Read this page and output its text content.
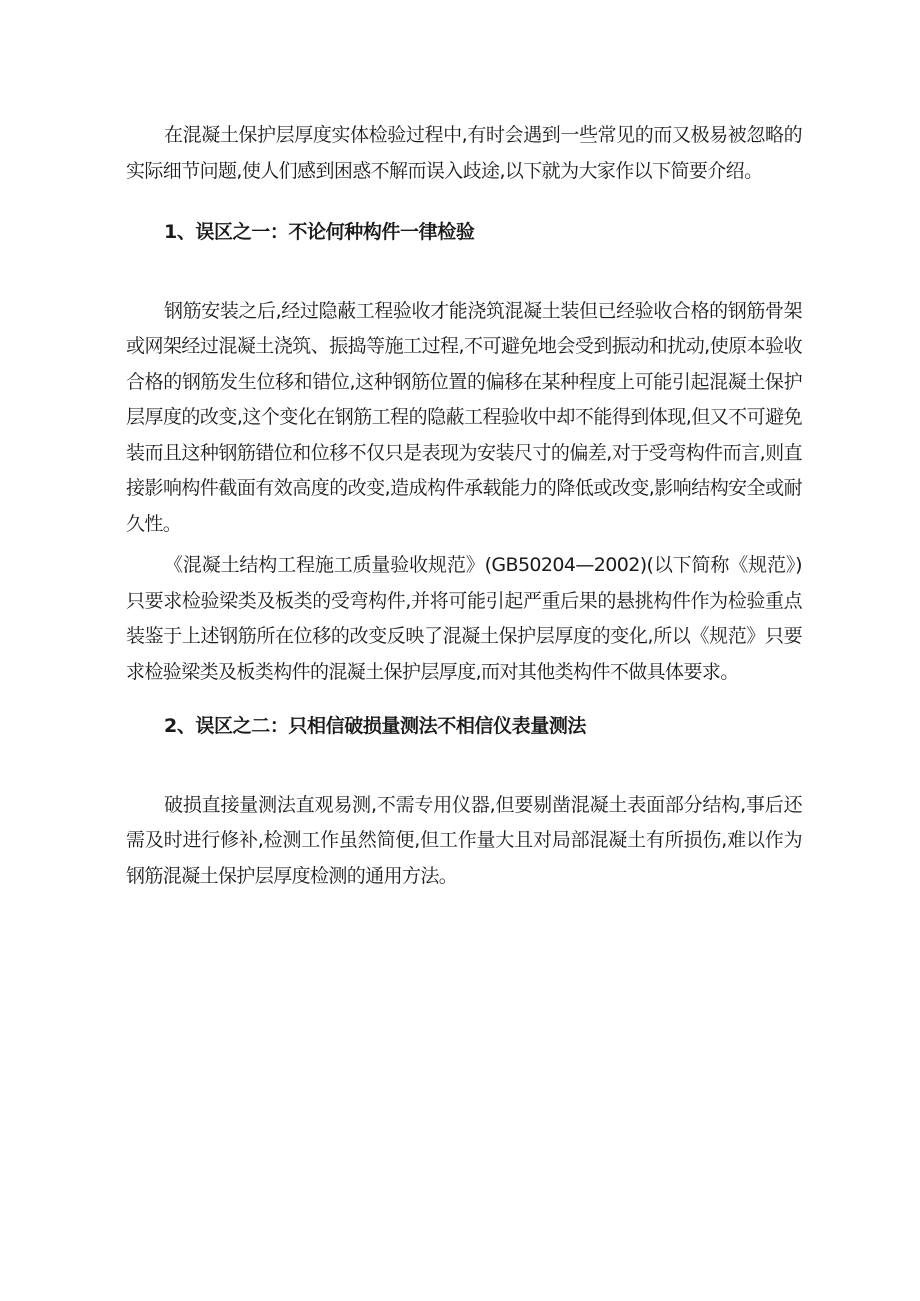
在混凝土保护层厚度实体检验过程中,有时会遇到一些常见的而又极易被忽略的实际细节问题,使人们感到困惑不解而误入歧途,以下就为大家作以下简要介绍。

1、误区之一：不论何种构件一律检验

钢筋安装之后,经过隐蔽工程验收才能浇筑混凝土装但已经验收合格的钢筋骨架或网架经过混凝土浇筑、振捣等施工过程,不可避免地会受到振动和扰动,使原本验收合格的钢筋发生位移和错位,这种钢筋位置的偏移在某种程度上可能引起混凝土保护层厚度的改变,这个变化在钢筋工程的隐蔽工程验收中却不能得到体现,但又不可避免装而且这种钢筋错位和位移不仅只是表现为安装尺寸的偏差,对于受弯构件而言,则直接影响构件截面有效高度的改变,造成构件承载能力的降低或改变,影响结构安全或耐久性。

《混凝土结构工程施工质量验收规范》(GB50204—2002)(以下简称《规范》)只要求检验梁类及板类的受弯构件,并将可能引起严重后果的悬挑构件作为检验重点装鉴于上述钢筋所在位移的改变反映了混凝土保护层厚度的变化,所以《规范》只要求检验梁类及板类构件的混凝土保护层厚度,而对其他类构件不做具体要求。

2、误区之二：只相信破损量测法不相信仪表量测法

破损直接量测法直观易测,不需专用仪器,但要剔凿混凝土表面部分结构,事后还需及时进行修补,检测工作虽然简便,但工作量大且对局部混凝土有所损伤,难以作为钢筋混凝土保护层厚度检测的通用方法。
